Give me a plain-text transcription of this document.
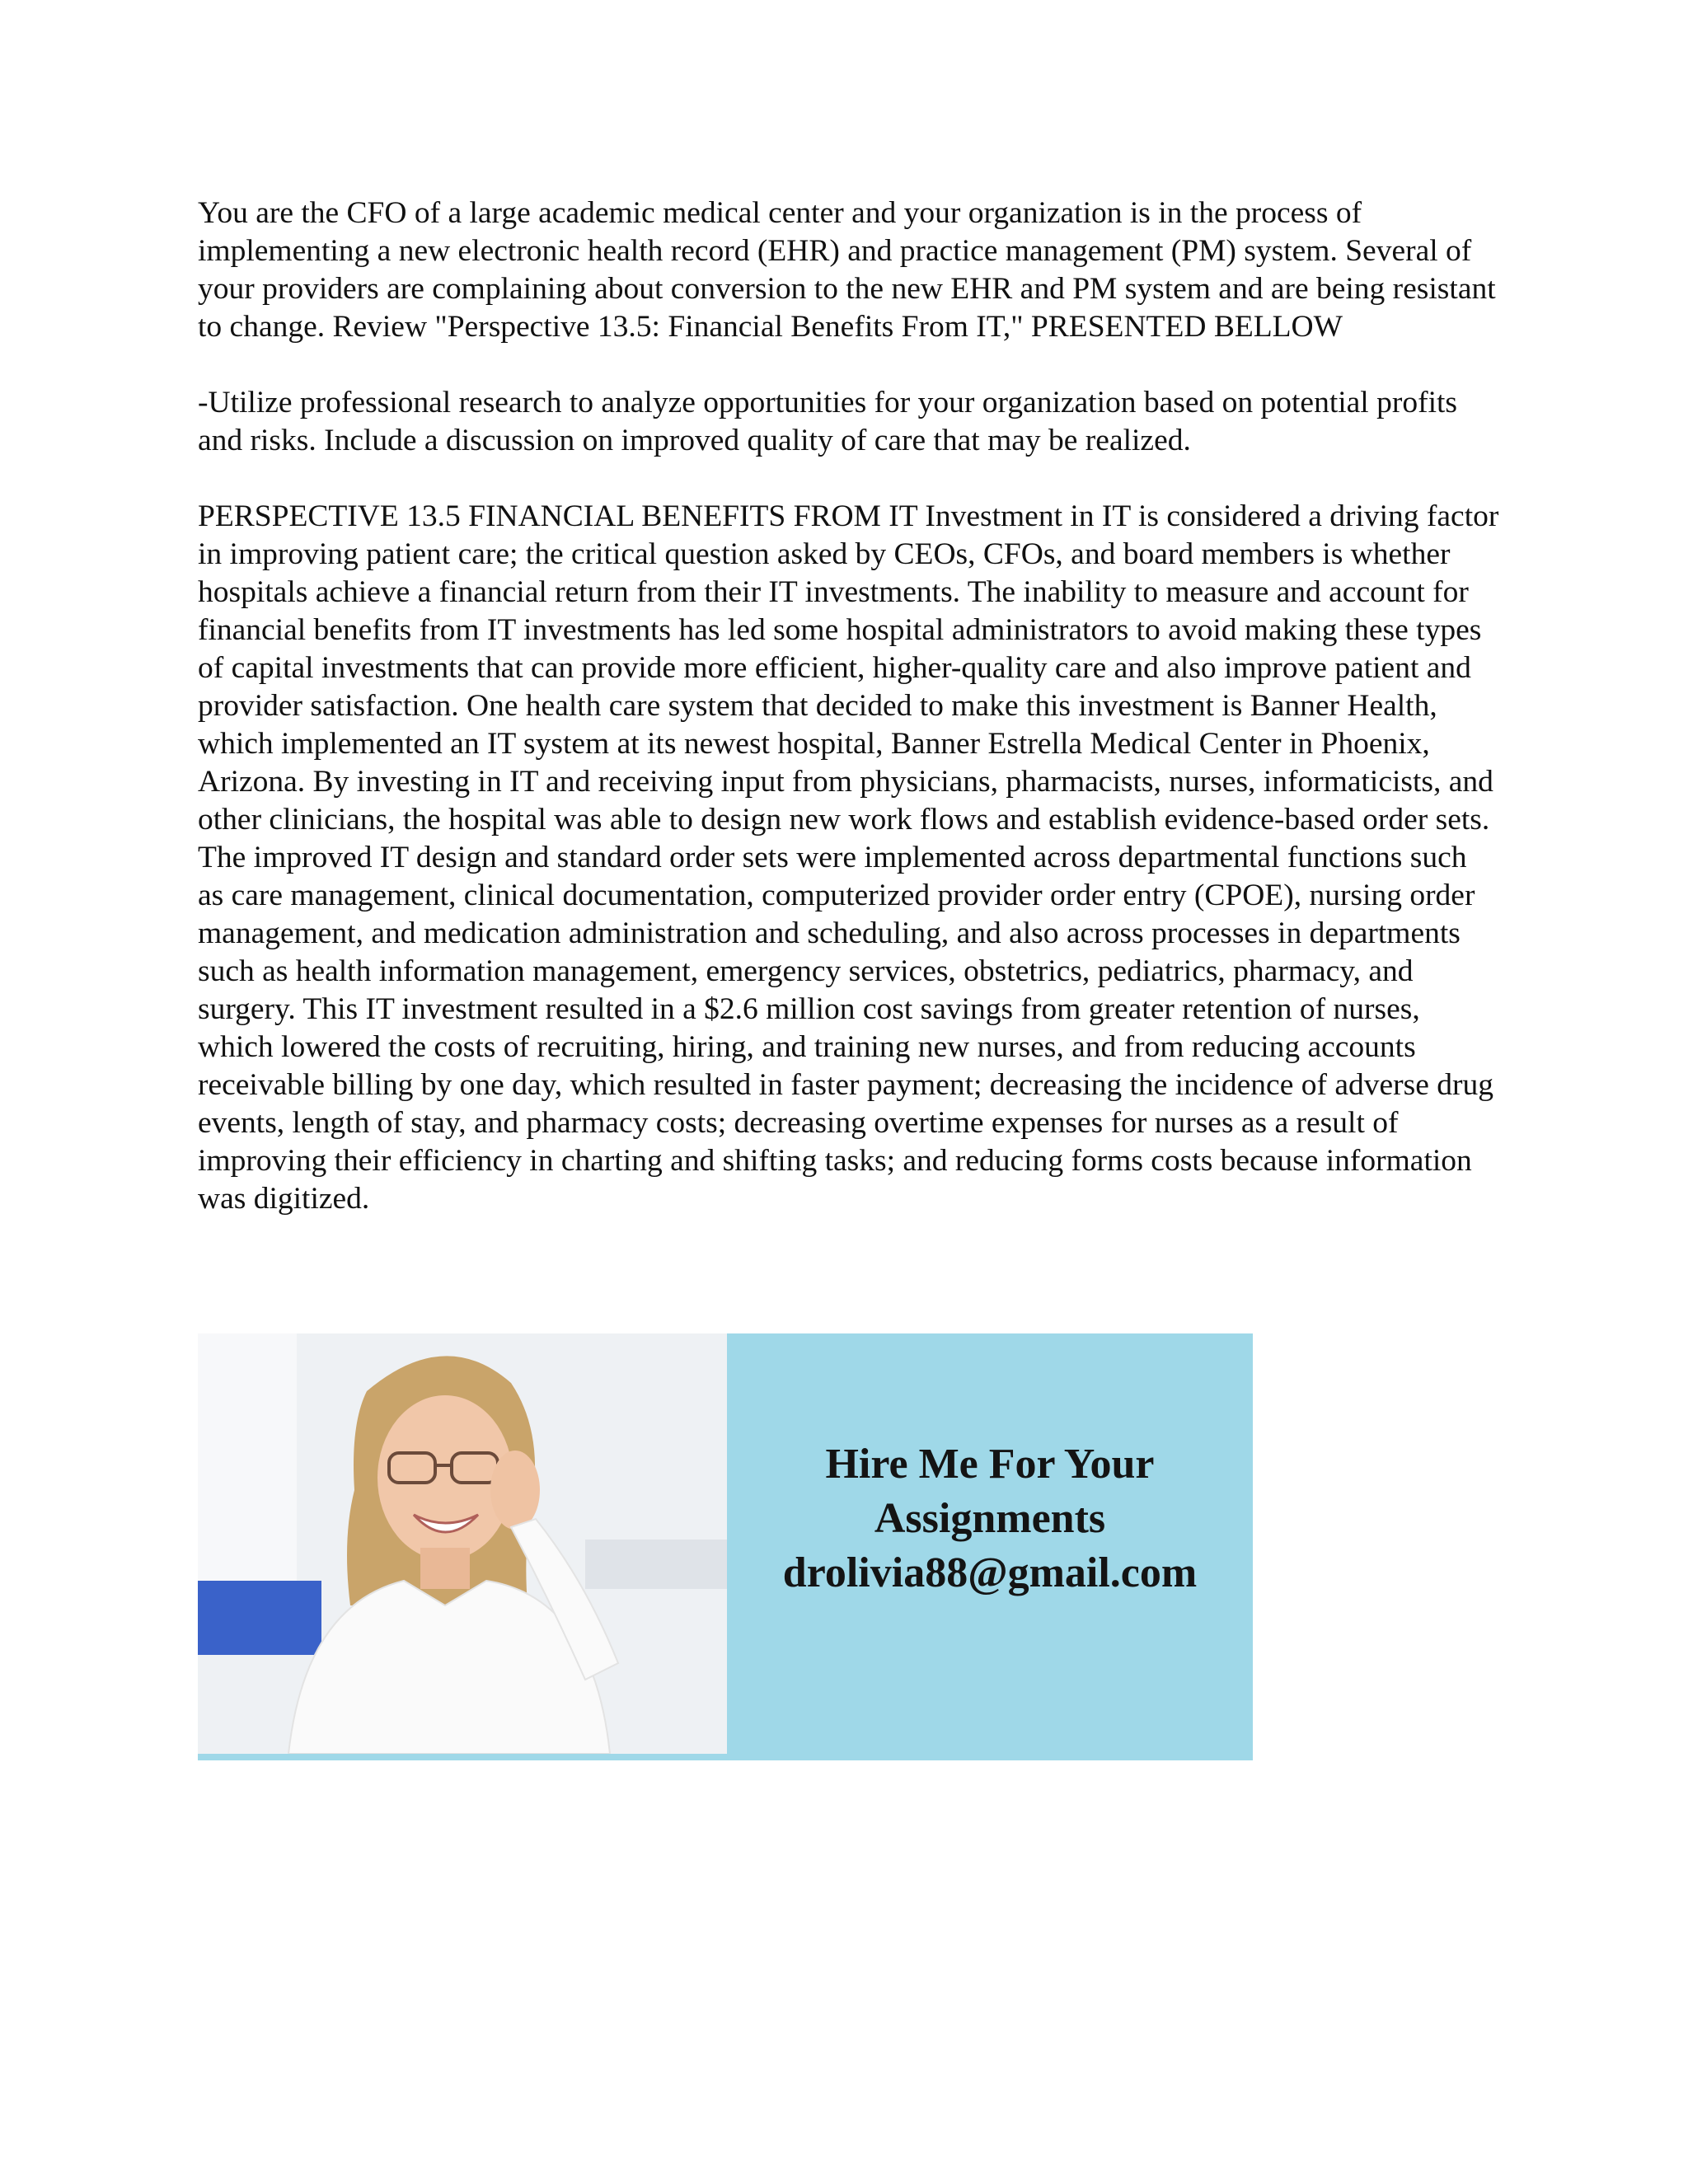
You are the CFO of a large academic medical center and your organization is in the process of implementing a new electronic health record (EHR) and practice management (PM) system. Several of your providers are complaining about conversion to the new EHR and PM system and are being resistant to change. Review "Perspective 13.5: Financial Benefits From IT," PRESENTED BELLOW

-Utilize professional research to analyze opportunities for your organization based on potential profits and risks. Include a discussion on improved quality of care that may be realized.

PERSPECTIVE 13.5 FINANCIAL BENEFITS FROM IT Investment in IT is considered a driving factor in improving patient care; the critical question asked by CEOs, CFOs, and board members is whether hospitals achieve a financial return from their IT investments. The inability to measure and account for financial benefits from IT investments has led some hospital administrators to avoid making these types of capital investments that can provide more efficient, higher-quality care and also improve patient and provider satisfaction. One health care system that decided to make this investment is Banner Health, which implemented an IT system at its newest hospital, Banner Estrella Medical Center in Phoenix, Arizona. By investing in IT and receiving input from physicians, pharmacists, nurses, informaticists, and other clinicians, the hospital was able to design new work flows and establish evidence-based order sets. The improved IT design and standard order sets were implemented across departmental functions such as care management, clinical documentation, computerized provider order entry (CPOE), nursing order management, and medication administration and scheduling, and also across processes in departments such as health information management, emergency services, obstetrics, pediatrics, pharmacy, and surgery. This IT investment resulted in a $2.6 million cost savings from greater retention of nurses, which lowered the costs of recruiting, hiring, and training new nurses, and from reducing accounts receivable billing by one day, which resulted in faster payment; decreasing the incidence of adverse drug events, length of stay, and pharmacy costs; decreasing overtime expenses for nurses as a result of improving their efficiency in charting and shifting tasks; and reducing forms costs because information was digitized.

Hire Me For Your
Assignments
drolivia88@gmail.com
